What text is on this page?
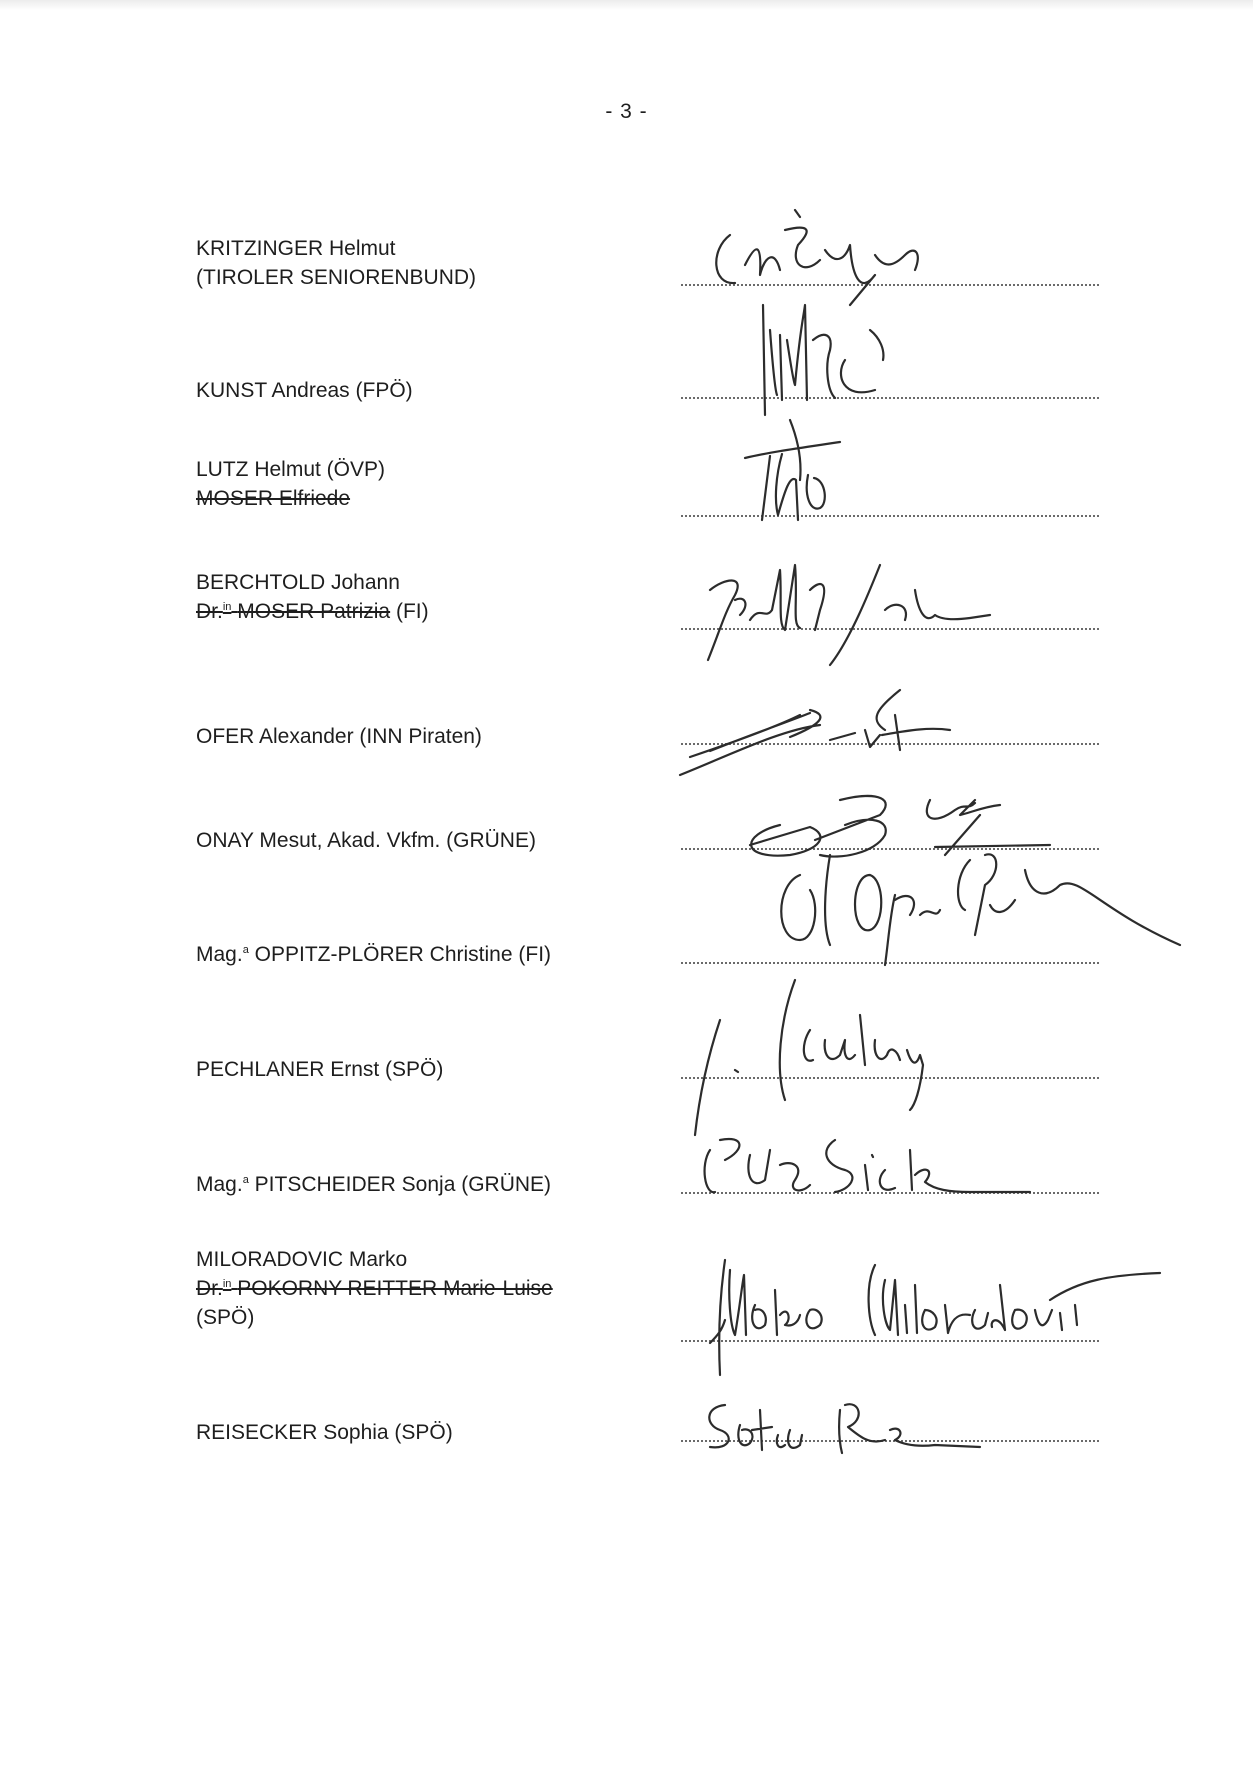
- 3 -
KRITZINGER Helmut
(TIROLER SENIORENBUND)
KUNST Andreas (FPÖ)
LUTZ Helmut (ÖVP)
MOSER Elfriede
BERCHTOLD Johann
Dr.$^{in}$ MOSER Patrizia (FI)
OFER Alexander (INN Piraten)
ONAY Mesut, Akad. Vkfm. (GRÜNE)
Mag.$^a$ OPPITZ-PLÖRER Christine (FI)
PECHLANER Ernst (SPÖ)
Mag.$^a$ PITSCHEIDER Sonja (GRÜNE)
MILORADOVIC Marko
Dr.$^{in}$ POKORNY-REITTER Marie-Luise
(SPÖ)
REISECKER Sophia (SPÖ)
